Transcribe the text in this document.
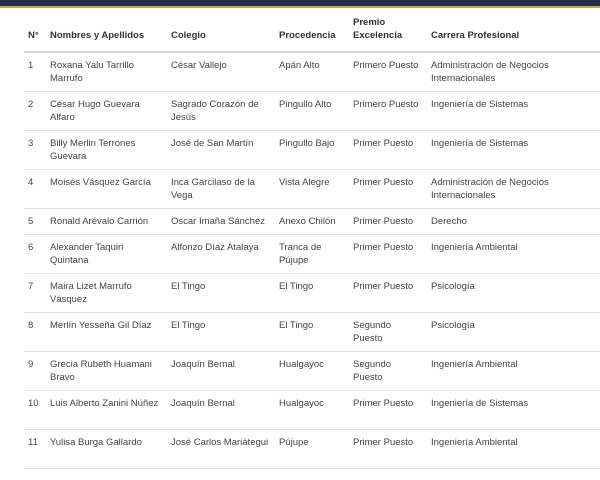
N°	Nombres y Apellidos	Colegio	Procedencia	Premio Excelencia	Carrera Profesional
1	Roxana Yalu Tarrillo Marrufo	César Vallejo	Apán Alto	Primero Puesto	Administración de Negocios Internacionales
2	César Hugo Guevara Alfaro	Sagrado Corazón de Jesús	Pingullo Alto	Primero Puesto	Ingeniería de Sistemas
3	Billy Merlin Terrones Guevara	José de San Martín	Pingullo Bajo	Primer Puesto	Ingeniería de Sistemas
4	Moisés Vásquez García	Inca Garcilaso de la Vega	Vista Alegre	Primer Puesto	Administración de Negocios Internacionales
5	Ronald Arévalo Carrión	Oscar Imaña Sánchez	Anexo Chilón	Primer Puesto	Derecho
6	Alexander Taquiri Quintana	Alfonzo Díaz Atalaya	Tranca de Pújupe	Primer Puesto	Ingeniería Ambiental
7	Maira Lizet Marrufo Vásquez	El Tingo	El Tingo	Primer Puesto	Psicología
8	Merlín Yesseña Gil Díaz	El Tingo	El Tingo	Segundo Puesto	Psicología
9	Grecia Rubeth Huamani Bravo	Joaquín Bernal	Hualgayoc	Segundo Puesto	Ingeniería Ambiental
10	Luis Alberto Zanini Núñez	Joaquín Bernal	Hualgayoc	Primer Puesto	Ingeniería de Sistemas
11	Yulisa Burga Gallardo	José Carlos Mariátegui	Pújupe	Primer Puesto	Ingeniería Ambiental
